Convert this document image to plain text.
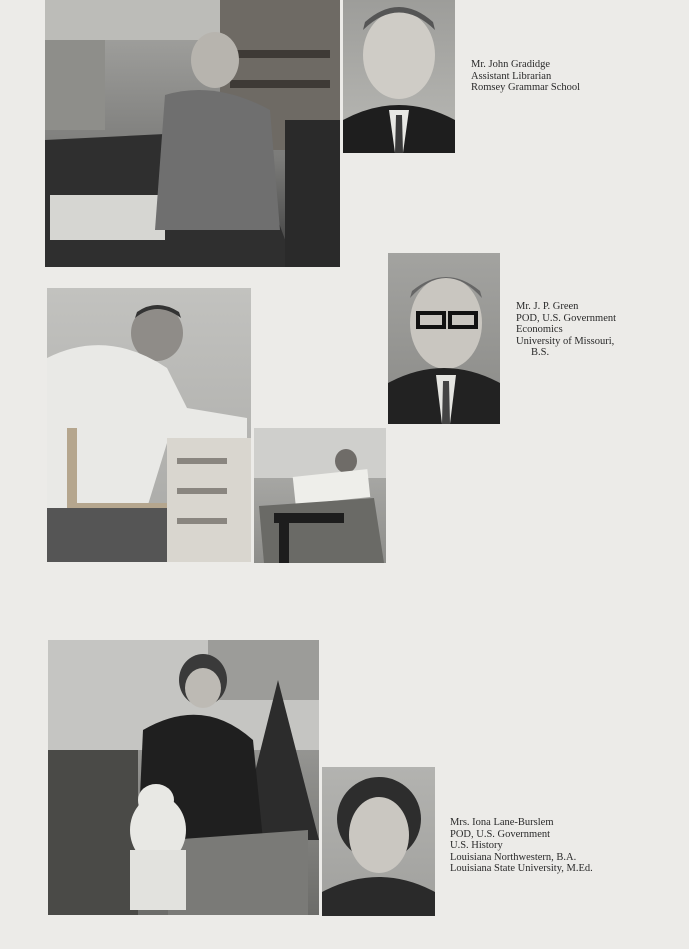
Mr. John Gradidge
Assistant Librarian
Romsey Grammar School
Mr. J. P. Green
POD, U.S. Government
Economics
University of Missouri,
B.S.
Mrs. Iona Lane-Burslem
POD, U.S. Government
U.S. History
Louisiana Northwestern, B.A.
Louisiana State University, M.Ed.
